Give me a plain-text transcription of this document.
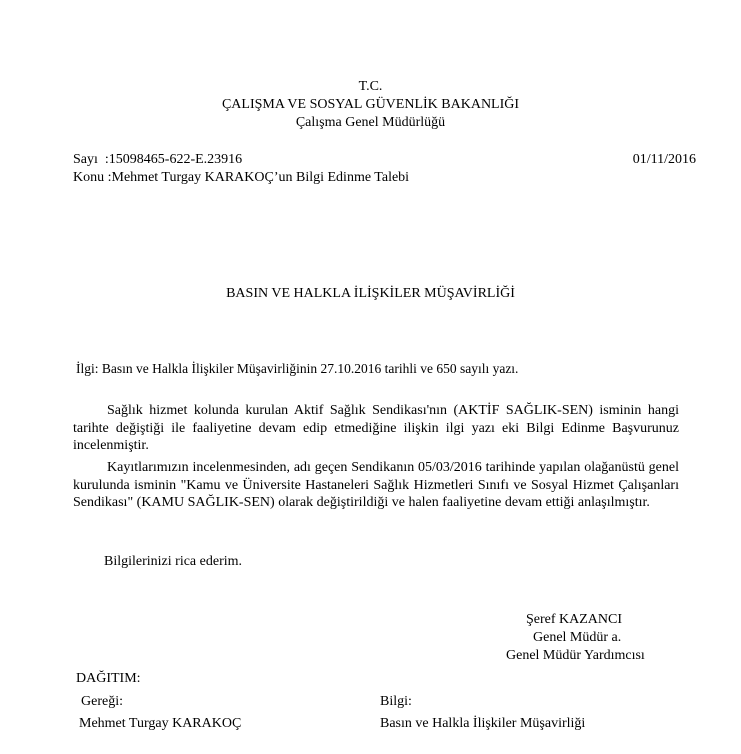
T.C.
ÇALIŞMA VE SOSYAL GÜVENLİK BAKANLIĞI
Çalışma Genel Müdürlüğü
Sayı :15098465-622-E.23916	01/11/2016
Konu :Mehmet Turgay KARAKOÇ’un Bilgi Edinme Talebi
BASIN VE HALKLA İLİŞKİLER MÜŞAVİRLİĞİ
İlgi: Basın ve Halkla İlişkiler Müşavirliğinin 27.10.2016 tarihli ve 650 sayılı yazı.
Sağlık hizmet kolunda kurulan Aktif Sağlık Sendikası'nın (AKTİF SAĞLIK-SEN) isminin hangi tarihte değiştiği ile faaliyetine devam edip etmediğine ilişkin ilgi yazı eki Bilgi Edinme Başvurunuz incelenmiştir.
Kayıtlarımızın incelenmesinden, adı geçen Sendikanın 05/03/2016 tarihinde yapılan olağanüstü genel kurulunda isminin "Kamu ve Üniversite Hastaneleri Sağlık Hizmetleri Sınıfı ve Sosyal Hizmet Çalışanları Sendikası" (KAMU SAĞLIK-SEN) olarak değiştirildiği ve halen faaliyetine devam ettiği anlaşılmıştır.
Bilgilerinizi rica ederim.
Şeref KAZANCI
Genel Müdür a.
Genel Müdür Yardımcısı
DAĞITIM:
Gereği:
Mehmet Turgay KARAKOÇ
Bilgi:
Basın ve Halkla İlişkiler Müşavirliği
